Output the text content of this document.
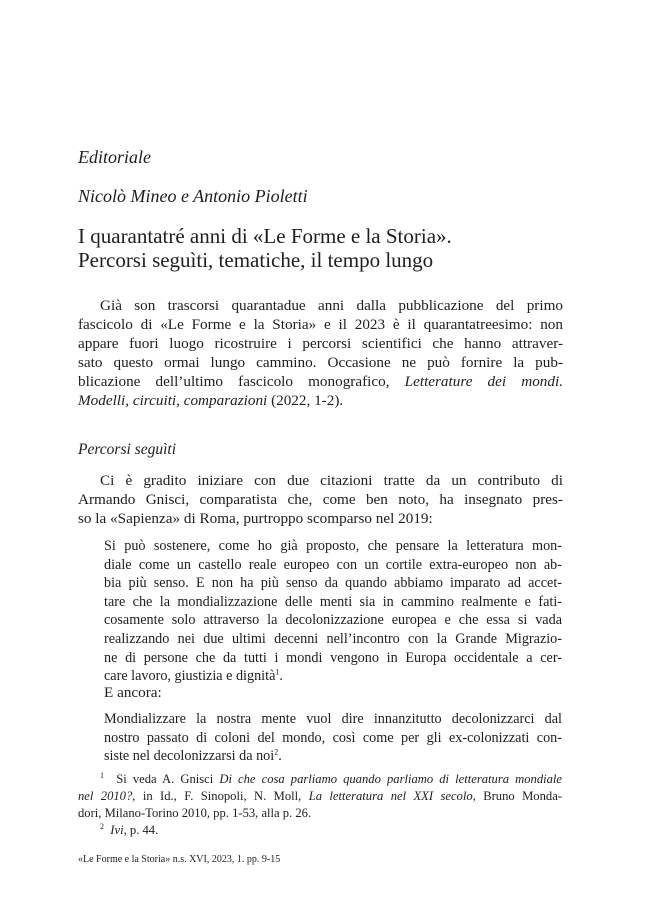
Editoriale
Nicolò Mineo e Antonio Pioletti
I quarantatré anni di «Le Forme e la Storia».
Percorsi seguìti, tematiche, il tempo lungo
Già son trascorsi quarantadue anni dalla pubblicazione del primo
fascicolo di «Le Forme e la Storia» e il 2023 è il quarantatreesimo: non
appare fuori luogo ricostruire i percorsi scientifici che hanno attraver-
sato questo ormai lungo cammino. Occasione ne può fornire la pub-
blicazione dell’ultimo fascicolo monografico, Letterature dei mondi.
Modelli, circuiti, comparazioni (2022, 1-2).
Percorsi seguìti
Ci è gradito iniziare con due citazioni tratte da un contributo di
Armando Gnisci, comparatista che, come ben noto, ha insegnato pres-
so la «Sapienza» di Roma, purtroppo scomparso nel 2019:
Si può sostenere, come ho già proposto, che pensare la letteratura mon-
diale come un castello reale europeo con un cortile extra-europeo non ab-
bia più senso. E non ha più senso da quando abbiamo imparato ad accet-
tare che la mondializzazione delle menti sia in cammino realmente e fati-
cosamente solo attraverso la decolonizzazione europea e che essa si vada
realizzando nei due ultimi decenni nell’incontro con la Grande Migrazio-
ne di persone che da tutti i mondi vengono in Europa occidentale a cer-
care lavoro, giustizia e dignità$^1$.
E ancora:
Mondializzare la nostra mente vuol dire innanzitutto decolonizzarci dal
nostro passato di coloni del mondo, così come per gli ex-colonizzati con-
siste nel decolonizzarsi da noi$^2$.
$^1$ Si veda A. Gnisci Di che cosa parliamo quando parliamo di letteratura mondiale
nel 2010?, in Id., F. Sinopoli, N. Moll, La letteratura nel XXI secolo, Bruno Monda-
dori, Milano-Torino 2010, pp. 1-53, alla p. 26.
$^2$ Ivi, p. 44.
«Le Forme e la Storia» n.s. XVI, 2023, 1. pp. 9-15
